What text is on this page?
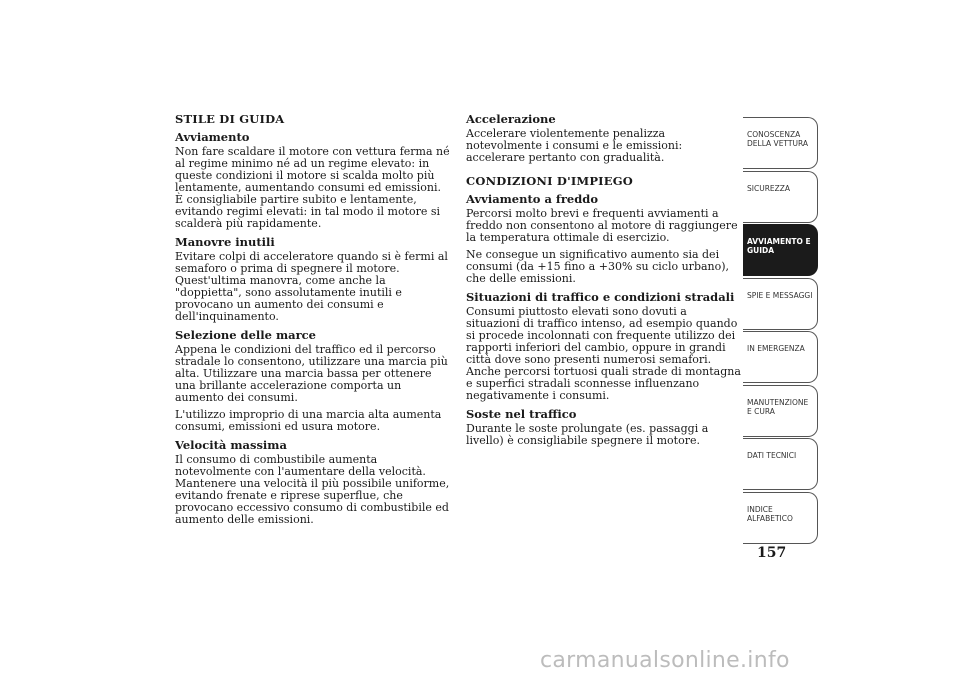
STILE DI GUIDA
Avviamento

Non fare scaldare il motore con vettura ferma né al regime minimo né ad un regime elevato: in queste condizioni il motore si scalda molto più lentamente, aumentando consumi ed emissioni. È consigliabile partire subito e lentamente, evitando regimi elevati: in tal modo il motore si scalderà più rapidamente.

Manovre inutili

Evitare colpi di acceleratore quando si è fermi al semaforo o prima di spegnere il motore. Quest'ultima manovra, come anche la "doppietta", sono assolutamente inutili e provocano un aumento dei consumi e dell'inquinamento.

Selezione delle marce

Appena le condizioni del traffico ed il percorso stradale lo consentono, utilizzare una marcia più alta. Utilizzare una marcia bassa per ottenere una brillante accelerazione comporta un aumento dei consumi.

L'utilizzo improprio di una marcia alta aumenta consumi, emissioni ed usura motore.

Velocità massima

Il consumo di combustibile aumenta notevolmente con l'aumentare della velocità. Mantenere una velocità il più possibile uniforme, evitando frenate e riprese superflue, che provocano eccessivo consumo di combustibile ed aumento delle emissioni.

Accelerazione

Accelerare violentemente penalizza notevolmente i consumi e le emissioni: accelerare pertanto con gradualità.

CONDIZIONI D'IMPIEGO
Avviamento a freddo

Percorsi molto brevi e frequenti avviamenti a freddo non consentono al motore di raggiungere la temperatura ottimale di esercizio.

Ne consegue un significativo aumento sia dei consumi (da +15 fino a +30% su ciclo urbano), che delle emissioni.

Situazioni di traffico e condizioni stradali

Consumi piuttosto elevati sono dovuti a situazioni di traffico intenso, ad esempio quando si procede incolonnati con frequente utilizzo dei rapporti inferiori del cambio, oppure in grandi città dove sono presenti numerosi semafori. Anche percorsi tortuosi quali strade di montagna e superfici stradali sconnesse influenzano negativamente i consumi.

Soste nel traffico

Durante le soste prolungate (es. passaggi a livello) è consigliabile spegnere il motore.

CONOSCENZA DELLA VETTURA
SICUREZZA
AVVIAMENTO E GUIDA
SPIE E MESSAGGI
IN EMERGENZA
MANUTENZIONE E CURA
DATI TECNICI
INDICE ALFABETICO
157
carmanualsonline.info
